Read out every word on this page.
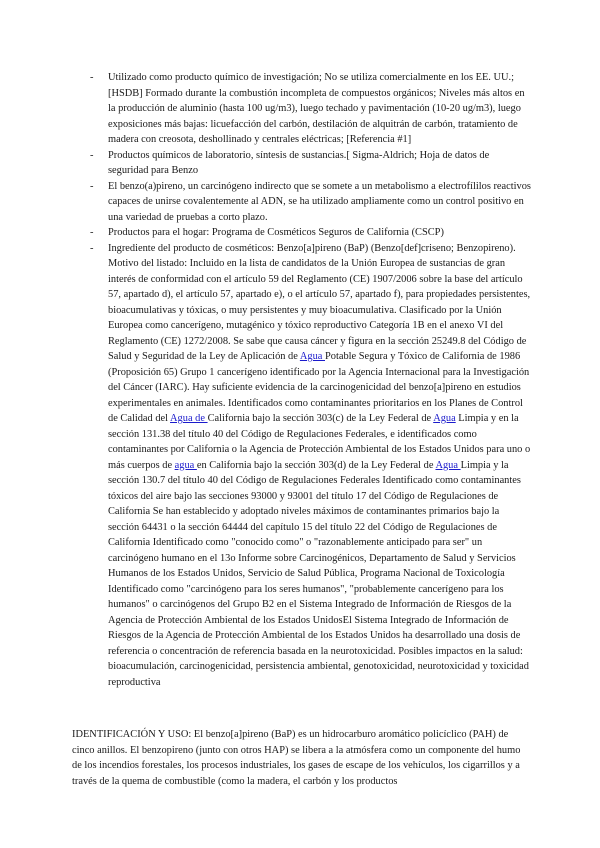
- Utilizado como producto químico de investigación; No se utiliza comercialmente en los EE. UU.; [HSDB] Formado durante la combustión incompleta de compuestos orgánicos; Niveles más altos en la producción de aluminio (hasta 100 ug/m3), luego techado y pavimentación (10-20 ug/m3), luego exposiciones más bajas: licuefacción del carbón, destilación de alquitrán de carbón, tratamiento de madera con creosota, deshollinado y centrales eléctricas; [Referencia #1]
- Productos químicos de laboratorio, síntesis de sustancias.[ Sigma-Aldrich; Hoja de datos de seguridad para Benzo
- El benzo(a)pireno, un carcinógeno indirecto que se somete a un metabolismo a electrofílilos reactivos capaces de unirse covalentemente al ADN, se ha utilizado ampliamente como un control positivo en una variedad de pruebas a corto plazo.
- Productos para el hogar: Programa de Cosméticos Seguros de California (CSCP)
- Ingrediente del producto de cosméticos: Benzo[a]pireno (BaP) (Benzo[def]criseno; Benzopireno). Motivo del listado: Incluido en la lista de candidatos de la Unión Europea de sustancias de gran interés de conformidad con el artículo 59 del Reglamento (CE) 1907/2006 sobre la base del artículo 57, apartado d), el artículo 57, apartado e), o el artículo 57, apartado f), para propiedades persistentes, bioacumulativas y tóxicas, o muy persistentes y muy bioacumulativa. Clasificado por la Unión Europea como cancerígeno, mutagénico y tóxico reproductivo Categoría 1B en el anexo VI del Reglamento (CE) 1272/2008. Se sabe que causa cáncer y figura en la sección 25249.8 del Código de Salud y Seguridad de la Ley de Aplicación de Agua Potable Segura y Tóxico de California de 1986 (Proposición 65) Grupo 1 cancerígeno identificado por la Agencia Internacional para la Investigación del Cáncer (IARC). Hay suficiente evidencia de la carcinogenicidad del benzo[a]pireno en estudios experimentales en animales. Identificados como contaminantes prioritarios en los Planes de Control de Calidad del Agua de California bajo la sección 303(c) de la Ley Federal de Agua Limpia y en la sección 131.38 del título 40 del Código de Regulaciones Federales, e identificados como contaminantes por California o la Agencia de Protección Ambiental de los Estados Unidos para uno o más cuerpos de agua en California bajo la sección 303(d) de la Ley Federal de Agua Limpia y la sección 130.7 del título 40 del Código de Regulaciones Federales Identificado como contaminantes tóxicos del aire bajo las secciones 93000 y 93001 del título 17 del Código de Regulaciones de California Se han establecido y adoptado niveles máximos de contaminantes primarios bajo la sección 64431 o la sección 64444 del capítulo 15 del título 22 del Código de Regulaciones de California Identificado como "conocido como" o "razonablemente anticipado para ser" un carcinógeno humano en el 13o Informe sobre Carcinogénicos, Departamento de Salud y Servicios Humanos de los Estados Unidos, Servicio de Salud Pública, Programa Nacional de Toxicología Identificado como "carcinógeno para los seres humanos", "probablemente cancerígeno para los humanos" o carcinógenos del Grupo B2 en el Sistema Integrado de Información de Riesgos de la Agencia de Protección Ambiental de los Estados UnidosEl Sistema Integrado de Información de Riesgos de la Agencia de Protección Ambiental de los Estados Unidos ha desarrollado una dosis de referencia o concentración de referencia basada en la neurotoxicidad. Posibles impactos en la salud: bioacumulación, carcinogenicidad, persistencia ambiental, genotoxicidad, neurotoxicidad y toxicidad reproductiva

IDENTIFICACIÓN Y USO: El benzo[a]pireno (BaP) es un hidrocarburo aromático policíclico (PAH) de cinco anillos. El benzopireno (junto con otros HAP) se libera a la atmósfera como un componente del humo de los incendios forestales, los procesos industriales, los gases de escape de los vehículos, los cigarrillos y a través de la quema de combustible (como la madera, el carbón y los productos
